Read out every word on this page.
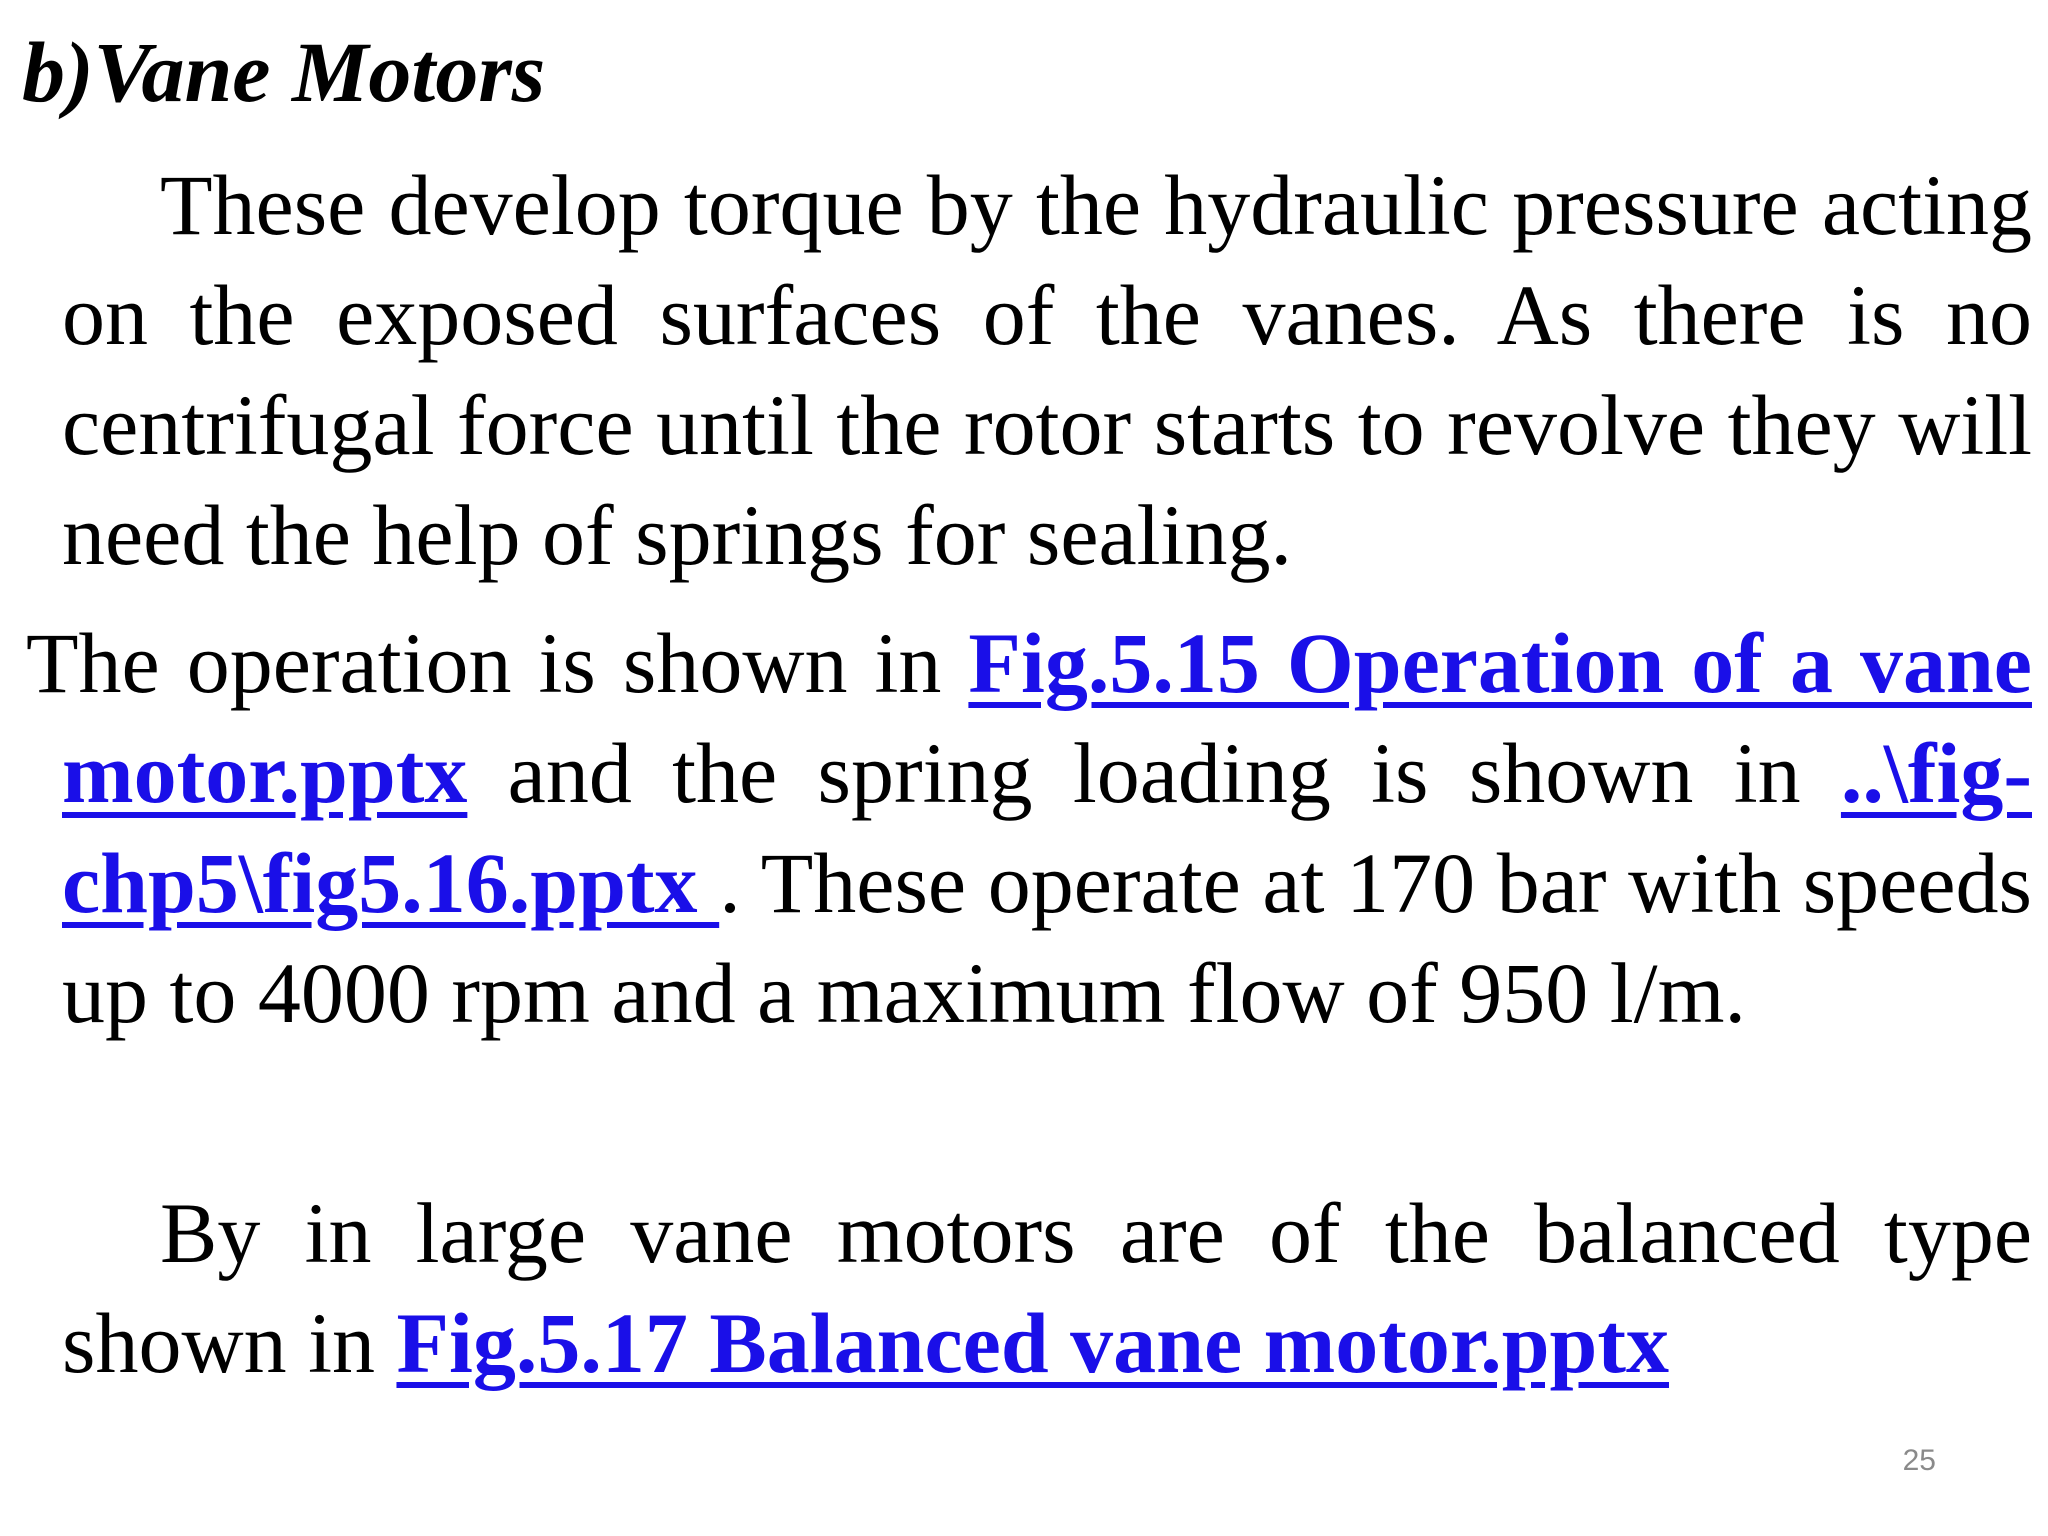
b)Vane Motors
These develop torque by the hydraulic pressure acting on the exposed surfaces of the vanes. As there is no centrifugal force until the rotor starts to revolve they will need the help of springs for sealing.
The operation is shown in Fig.5.15 Operation of a vane motor.pptx and the spring loading is shown in ..\fig-chp5\fig5.16.pptx . These operate at 170 bar with speeds up to 4000 rpm and a maximum flow of 950 l/m.
By in large vane motors are of the balanced type shown in Fig.5.17 Balanced vane motor.pptx
25
